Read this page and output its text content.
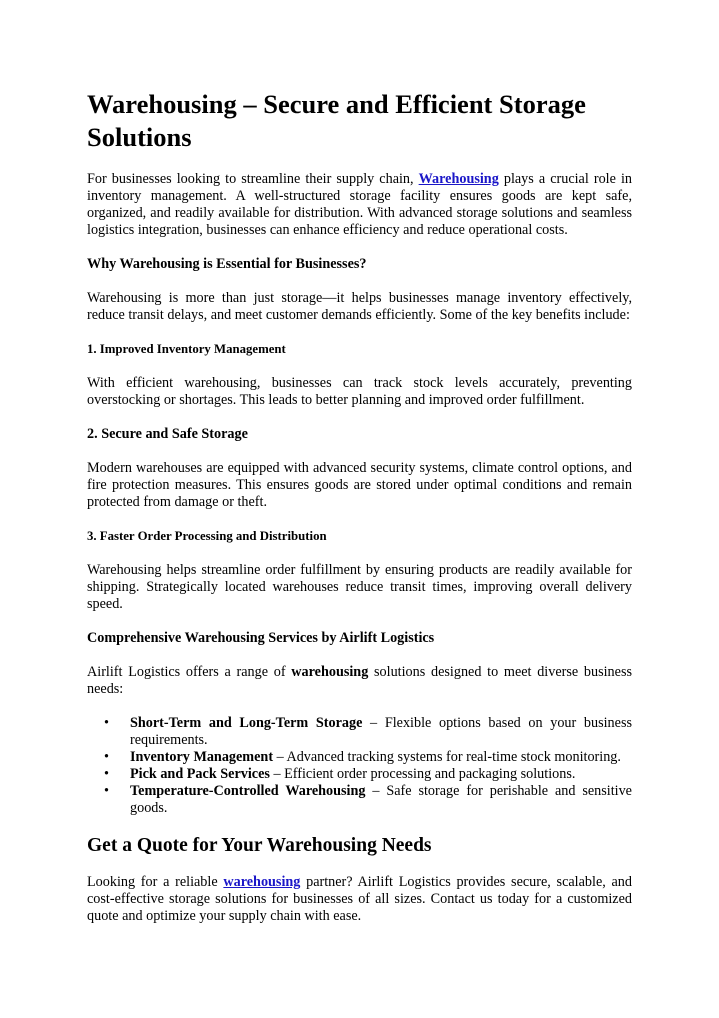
Warehousing – Secure and Efficient Storage Solutions

For businesses looking to streamline their supply chain, Warehousing plays a crucial role in inventory management. A well-structured storage facility ensures goods are kept safe, organized, and readily available for distribution. With advanced storage solutions and seamless logistics integration, businesses can enhance efficiency and reduce operational costs.

Why Warehousing is Essential for Businesses?

Warehousing is more than just storage—it helps businesses manage inventory effectively, reduce transit delays, and meet customer demands efficiently. Some of the key benefits include:

1. Improved Inventory Management

With efficient warehousing, businesses can track stock levels accurately, preventing overstocking or shortages. This leads to better planning and improved order fulfillment.

2. Secure and Safe Storage

Modern warehouses are equipped with advanced security systems, climate control options, and fire protection measures. This ensures goods are stored under optimal conditions and remain protected from damage or theft.

3. Faster Order Processing and Distribution

Warehousing helps streamline order fulfillment by ensuring products are readily available for shipping. Strategically located warehouses reduce transit times, improving overall delivery speed.

Comprehensive Warehousing Services by Airlift Logistics

Airlift Logistics offers a range of warehousing solutions designed to meet diverse business needs:

• Short-Term and Long-Term Storage – Flexible options based on your business requirements.
• Inventory Management – Advanced tracking systems for real-time stock monitoring.
• Pick and Pack Services – Efficient order processing and packaging solutions.
• Temperature-Controlled Warehousing – Safe storage for perishable and sensitive goods.
Get a Quote for Your Warehousing Needs

Looking for a reliable warehousing partner? Airlift Logistics provides secure, scalable, and cost-effective storage solutions for businesses of all sizes. Contact us today for a customized quote and optimize your supply chain with ease.
